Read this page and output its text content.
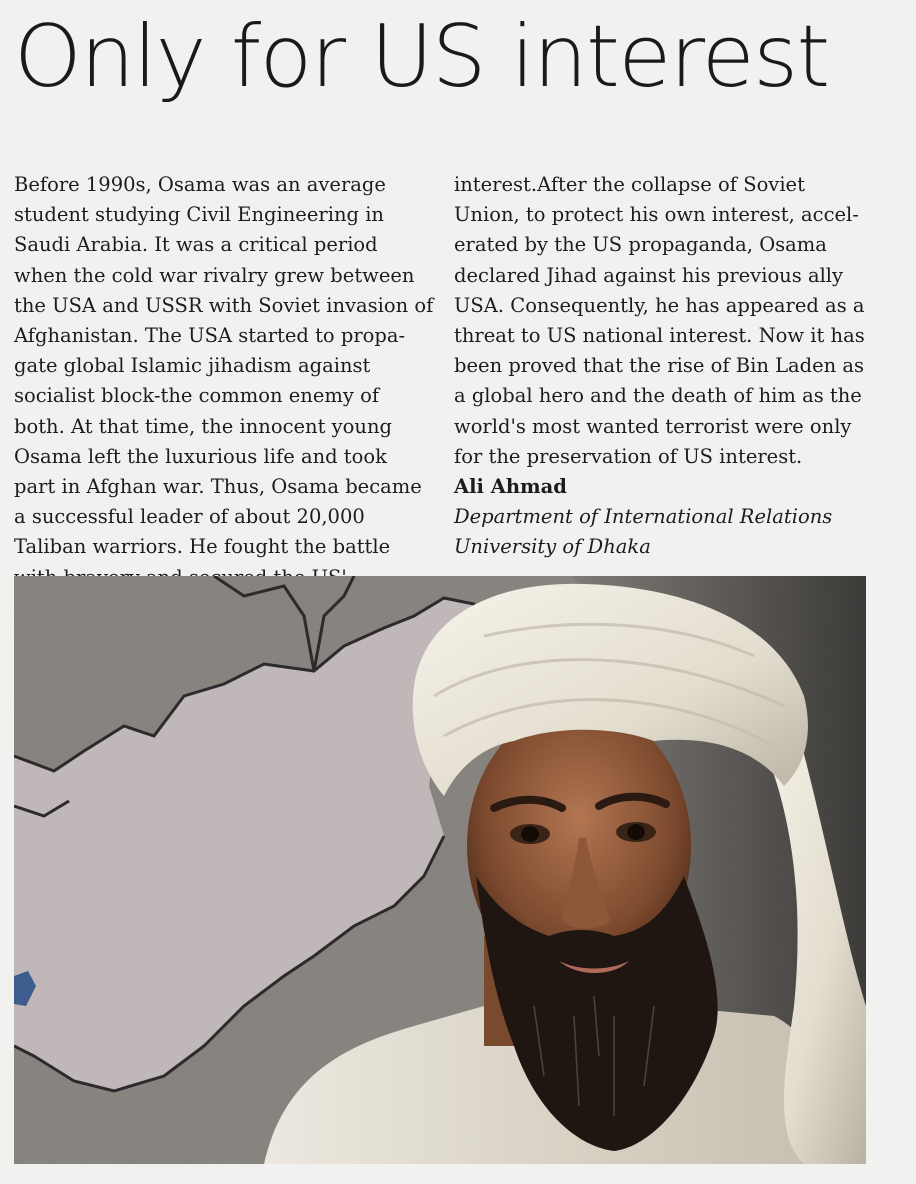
Only for US interest
Before 1990s, Osama was an average
student studying Civil Engineering in
Saudi Arabia. It was a critical period
when the cold war rivalry grew between
the USA and USSR with Soviet invasion of
Afghanistan. The USA started to propa-
gate global Islamic jihadism against
socialist block-the common enemy of
both. At that time, the innocent young
Osama left the luxurious life and took
part in Afghan war. Thus, Osama became
a successful leader of about 20,000
Taliban warriors. He fought the battle
interest.After the collapse of Soviet
Union, to protect his own interest, accel-
erated by the US propaganda, Osama
declared Jihad against his previous ally
USA. Consequently, he has appeared as a
threat to US national interest. Now it has
been proved that the rise of Bin Laden as
a global hero and the death of him as the
world's most wanted terrorist were only
for the preservation of US interest.
Ali Ahmad
Department of International Relations
University of Dhaka
